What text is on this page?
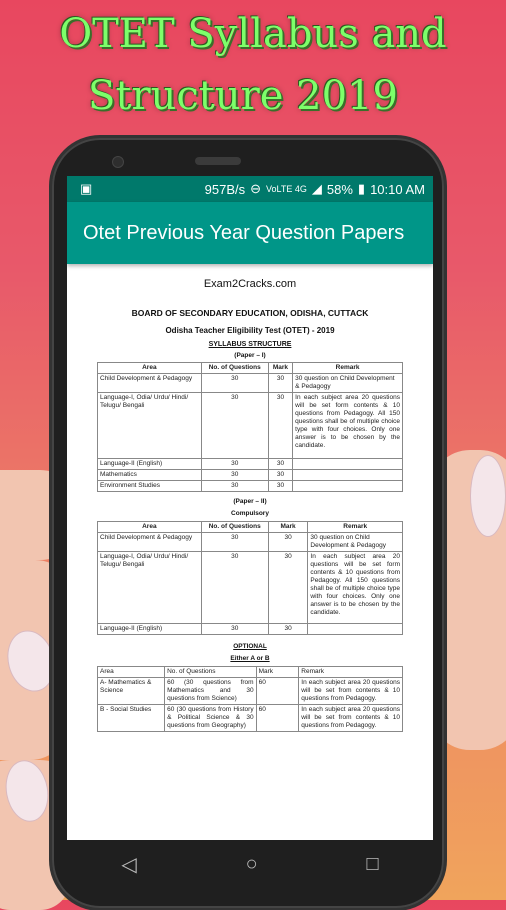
OTET Syllabus and
Structure 2019
▣	957B/s ⊖ VoLTE 4G ◢ 58% ▮ 10:10 AM
Otet Previous Year Question Papers
Exam2Cracks.com
BOARD OF SECONDARY EDUCATION, ODISHA, CUTTACK
Odisha Teacher Eligibility Test (OTET) - 2019
SYLLABUS STRUCTURE
(Paper – I)
Area	No. of Questions	Mark	Remark
Child Development & Pedagogy	30	30	30 question on Child Development & Pedagogy
Language-I, Odia/ Urdu/ Hindi/ Telugu/ Bengali	30	30	In each subject area 20 questions will be set form contents & 10 questions from Pedagogy. All 150 questions shall be of multiple choice type with four choices. Only one answer is to be chosen by the candidate.
Language-II (English)	30	30	
Mathematics	30	30	
Environment Studies	30	30	
(Paper – II)
Compulsory
Area	No. of Questions	Mark	Remark
Child Development & Pedagogy	30	30	30 question on Child Development & Pedagogy
Language-I, Odia/ Urdu/ Hindi/ Telugu/ Bengali	30	30	In each subject area 20 questions will be set form contents & 10 questions from Pedagogy. All 150 questions shall be of multiple choice type with four choices. Only one answer is to be chosen by the candidate.
Language-II (English)	30	30	
OPTIONAL
Either A or B
Area	No. of Questions	Mark	Remark
A- Mathematics & Science	60 (30 questions from Mathematics and 30 questions from Science)	60	In each subject area 20 questions will be set from contents & 10 questions from Pedagogy.
B - Social Studies	60 (30 questions from History & Political Science & 30 questions from Geography)	60	In each subject area 20 questions will be set from contents & 10 questions from Pedagogy.
◁	○	□
